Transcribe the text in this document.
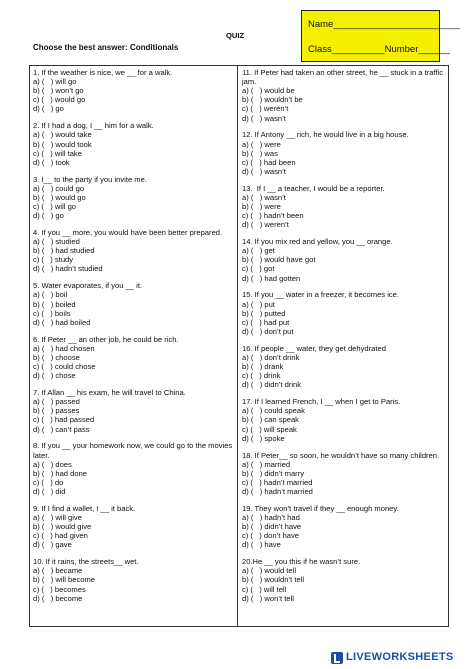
Name________________________
Class__________Number______
QUIZ
Choose the best answer: Conditionals
1. If the weather is nice, we __ for a walk.
a) (   ) will go
b) (   ) won’t go
c) (   ) would go
d) (   ) go
2. If I had a dog, I __ him for a walk.
a) (   ) would take
b) (   ) would took
c) (   ) will take
d) (   ) took
3. I__ to the party if you invite me.
a) (   ) could go
b) (   ) would go
c) (   ) will go
d) (   ) go
4. If you __ more, you would have been better prepared.
a) (   ) studied
b) (   ) had studied
c) (   ) study
d) (   ) hadn’t studied
5. Water evaporates, if you __ it.
a) (   ) boil
b) (   ) boiled
c) (   ) boils
d) (   ) had boiled
6. If Peter __ an other job, he could be rich.
a) (   ) had chosen
b) (   ) choose
c) (   ) could chose
d) (   ) chose
7. If Allan __ his exam, he will travel to China.
a) (   ) passed
b) (   ) passes
c) (   ) had passed
d) (   ) can’t pass
8. If you __ your homework now, we could go to the movies later.
a) (   ) does
b) (   ) had done
c) (   ) do
d) (   ) did
9. If I find a wallet, I __ it back.
a) (   ) will give
b) (   ) would give
c) (   ) had given
d) (   ) gave
10. If it rains, the streets__ wet.
a) (   ) became
b) (   ) will become
c) (   ) becomes
d) (   ) become
11. If Peter had taken an other street, he __ stuck in a traffic jam.
a) (   ) would be
b) (   ) wouldn’t be
c) (   ) weren’t
d) (   ) wasn’t
12. If Antony __ rich, he would live in a big house.
a) (   ) were
b) (   ) was
c) (   ) had been
d) (   ) wasn’t
13.  If I __ a teacher, I would be a reporter.
a) (   ) wasn’t
b) (   ) were
c) (   ) hadn’t been
d) (   ) weren’t
14. If you mix red and yellow, you __ orange.
a) (   ) get
b) (   ) would have got
c) (   ) got
d) (   ) had gotten
15. If you __ water in a freezer, it becomes ice.
a) (   ) put
b) (   ) putted
c) (   ) had put
d) (   ) don’t put
16. If people __ water, they get dehydrated
a) (   ) don’t drink
b) (   ) drank
c) (   ) drink
d) (   ) didn’t drink
17. If I learned French, I __ when I get to Paris.
a) (   ) could speak
b) (   ) can speak
c) (   ) will speak
d) (   ) spoke
18. If Peter__ so soon, he wouldn’t have so many children.
a) (   ) married
b) (   ) didn’t marry
c) (   ) hadn’t married
d) (   ) hadn’t married
19. They won’t travel if they __ enough money.
a) (   ) hadn’t had
b) (   ) didn’t have
c) (   ) don’t have
d) (   ) have
20.He __ you this if he wasn’t sure.
a) (   ) would tell
b) (   ) wouldn’t tell
c) (   ) will tell
d) (   ) won’t tell
LIVEWORKSHEETS
